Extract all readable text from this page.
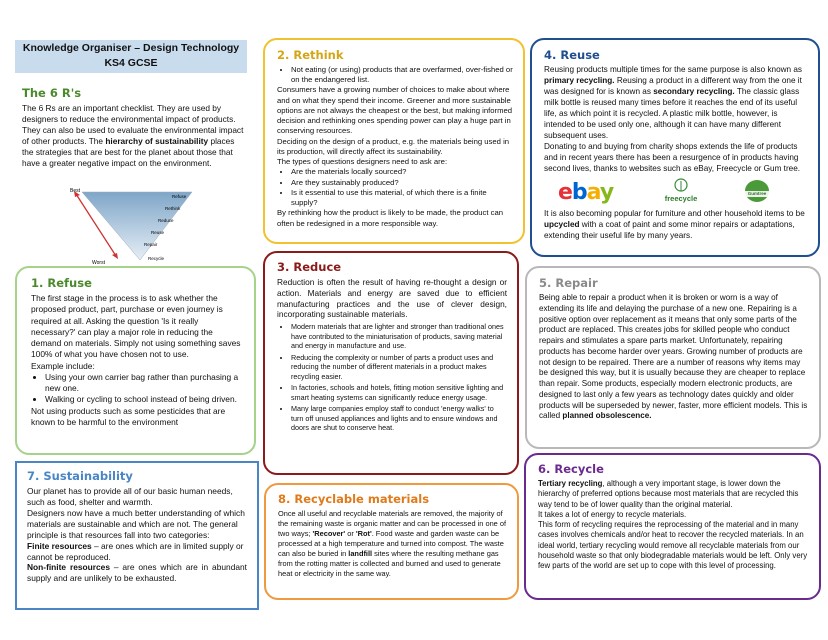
Knowledge Organiser – Design Technology
KS4 GCSE
The 6 R's

The 6 Rs are an important checklist. They are used by designers to reduce the environmental impact of products. They can also be used to evaluate the environmental impact of other products. The hierarchy of sustainability places the strategies that are best for the planet about those that have a greater negative impact on the environment.

Best
Worst
Refuse
Rethink
Reduce
Reuse
Repair
Recycle
2. Rethink
• Not eating (or using) products that are overfarmed, over-fished or on the endangered list.

Consumers have a growing number of choices to make about where and on what they spend their income. Greener and more sustainable options are not always the cheapest or the best, but making informed decision and rethinking ones spending power can play a huge part in conserving resources.

Deciding on the design of a product, e.g. the materials being used in its production, will directly affect its sustainability.

The types of questions designers need to ask are:

• Are the materials locally sourced?
• Are they sustainably produced?
• Is it essential to use this material, of which there is a finite supply?

By rethinking how the product is likely to be made, the product can often be redesigned in a more responsible way.

4. Reuse

Reusing products multiple times for the same purpose is also known as primary recycling. Reusing a product in a different way from the one it was designed for is known as secondary recycling. The classic glass milk bottle is reused many times before it reaches the end of its useful life, as which point it is recycled. A plastic milk bottle, however, is intended to be used only one, although it can have many different subsequent uses.

Donating to and buying from charity shops extends the life of products and in recent years there has been a resurgence of in products having second lives, thanks to websites such as eBay, Freecycle or Gum tree.

ebay	freecycle
Gumtree

It is also becoming popular for furniture and other household items to be upcycled with a coat of paint and some minor repairs or adaptations, extending their useful life by many years.

1. Refuse

The first stage in the process is to ask whether the proposed product, part, purchase or even journey is required at all. Asking the question 'Is it really necessary?' can play a major role in reducing the demand on materials. Simply not using something saves 100% of what you have chosen not to use.

Example include:

• Using your own carrier bag rather than purchasing a new one.
• Walking or cycling to school instead of being driven.

Not using products such as some pesticides that are known to be harmful to the environment

3. Reduce

Reduction is often the result of having re-thought a design or action. Materials and energy are saved due to efficient manufacturing practices and the use of clever design, incorporating sustainable materials.

• Modern materials that are lighter and stronger than traditional ones have contributed to the miniaturisation of products, saving material and energy in manufacture and use.
• Reducing the complexity or number of parts a product uses and reducing the number of different materials in a product makes recycling easier.
• In factories, schools and hotels, fitting motion sensitive lighting and smart heating systems can significantly reduce energy usage.
• Many large companies employ staff to conduct 'energy walks' to turn off unused appliances and lights and to ensure windows and doors are shut to conserve heat.
5. Repair

Being able to repair a product when it is broken or worn is a way of extending its life and delaying the purchase of a new one. Repairing is a positive option over replacement as it means that only some parts of the product are replaced. This creates jobs for skilled people who conduct repairs and stimulates a spare parts market. Unfortunately, repairing products has become harder over years. Growing number of products are not design to be repaired. There are a number of reasons why items may be designed this way, but it is usually because they are cheaper to replace than repair. Some products, especially modern electronic products, are designed to last only a few years as technology dates quickly and older products will be superseded by newer, faster, more efficient models. This is called planned obsolescence.

7. Sustainability

Our planet has to provide all of our basic human needs, such as food, shelter and warmth.

Designers now have a much better understanding of which materials are sustainable and which are not. The general principle is that resources fall into two categories:

Finite resources – are ones which are in limited supply or cannot be reproduced.

Non-finite resources – are ones which are in abundant supply and are unlikely to be exhausted.

8. Recyclable materials

Once all useful and recyclable materials are removed, the majority of the remaining waste is organic matter and can be processed in one of two ways; 'Recover' or 'Rot'. Food waste and garden waste can be processed at a high temperature and turned into compost. The waste can also be buried in landfill sites where the resulting methane gas from the rotting matter is collected and burned and used to generate heat or electricity in the same way.

6. Recycle

Tertiary recycling, although a very important stage, is lower down the hierarchy of preferred options because most materials that are recycled this way tend to be of lower quality than the original material.

It takes a lot of energy to recycle materials.

This form of recycling requires the reprocessing of the material and in many cases involves chemicals and/or heat to recover the recycled materials. In an ideal world, tertiary recycling would remove all recyclable materials from our household waste so that only biodegradable materials would be left. Only very few parts of the world are set up to cope with this level of processing.
